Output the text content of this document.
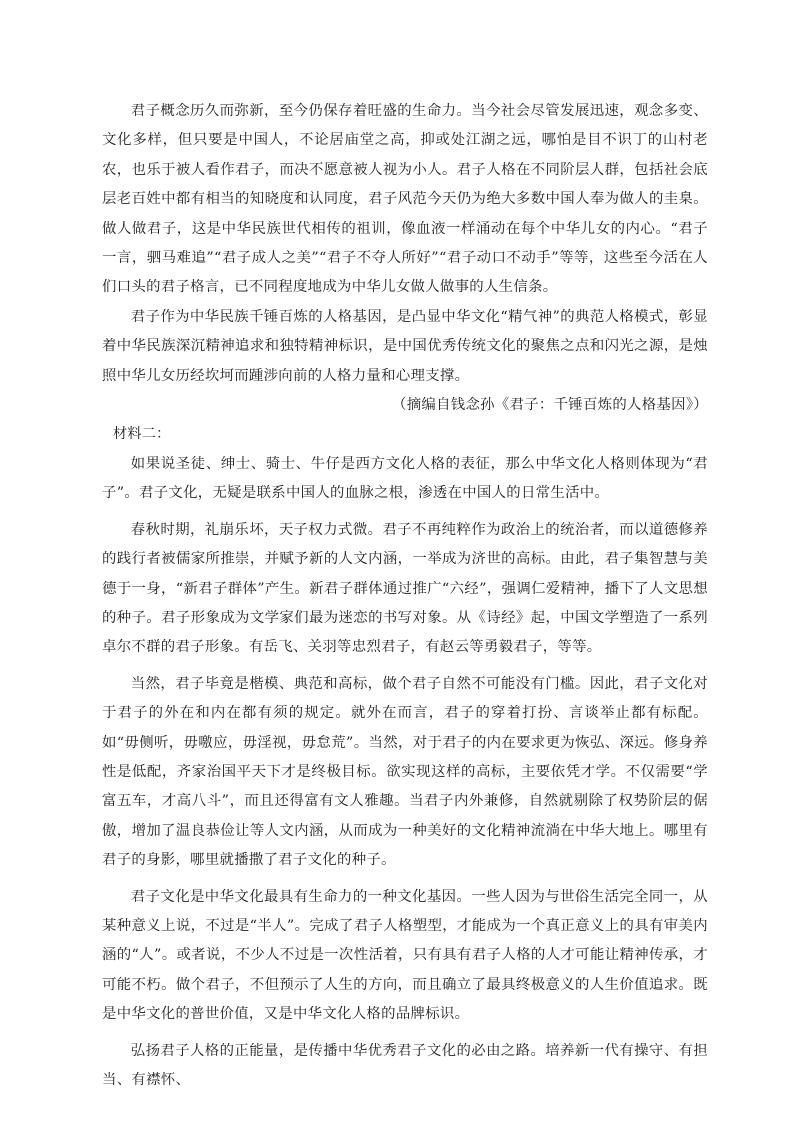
君子概念历久而弥新，至今仍保存着旺盛的生命力。当今社会尽管发展迅速，观念多变、文化多样，但只要是中国人，不论居庙堂之高，抑或处江湖之远，哪怕是目不识丁的山村老农，也乐于被人看作君子，而决不愿意被人视为小人。君子人格在不同阶层人群，包括社会底层老百姓中都有相当的知晓度和认同度，君子风范今天仍为绝大多数中国人奉为做人的圭臬。做人做君子，这是中华民族世代相传的祖训，像血液一样涌动在每个中华儿女的内心。“君子一言，驷马难追”“君子成人之美”“君子不夺人所好”“君子动口不动手”等等，这些至今活在人们口头的君子格言，已不同程度地成为中华儿女做人做事的人生信条。

君子作为中华民族千锤百炼的人格基因，是凸显中华文化“精气神”的典范人格模式，彰显着中华民族深沉精神追求和独特精神标识，是中国优秀传统文化的聚焦之点和闪光之源，是烛照中华儿女历经坎坷而踵涉向前的人格力量和心理支撑。

（摘编自钱念孙《君子：千锤百炼的人格基因》）

材料二：

如果说圣徒、绅士、骑士、牛仔是西方文化人格的表征，那么中华文化人格则体现为“君子”。君子文化，无疑是联系中国人的血脉之根，渗透在中国人的日常生活中。

春秋时期，礼崩乐坏，天子权力式微。君子不再纯粹作为政治上的统治者，而以道德修养的践行者被儒家所推崇，并赋予新的人文内涵，一举成为济世的高标。由此，君子集智慧与美德于一身，“新君子群体”产生。新君子群体通过推广“六经”，强调仁爱精神，播下了人文思想的种子。君子形象成为文学家们最为迷恋的书写对象。从《诗经》起，中国文学塑造了一系列卓尔不群的君子形象。有岳飞、关羽等忠烈君子，有赵云等勇毅君子，等等。

当然，君子毕竟是楷模、典范和高标，做个君子自然不可能没有门槛。因此，君子文化对于君子的外在和内在都有须的规定。就外在而言，君子的穿着打扮、言谈举止都有标配。如“毋侧听，毋噭应，毋淫视，毋怠荒”。当然，对于君子的内在要求更为恢弘、深远。修身养性是低配，齐家治国平天下才是终极目标。欲实现这样的高标，主要依凭才学。不仅需要“学富五车，才高八斗”，而且还得富有文人雅趣。当君子内外兼修，自然就剔除了权势阶层的倨傲，增加了温良恭俭让等人文内涵，从而成为一种美好的文化精神流淌在中华大地上。哪里有君子的身影，哪里就播撒了君子文化的种子。

君子文化是中华文化最具有生命力的一种文化基因。一些人因为与世俗生活完全同一，从某种意义上说，不过是“半人”。完成了君子人格塑型，才能成为一个真正意义上的具有审美内涵的“人”。或者说，不少人不过是一次性活着，只有具有君子人格的人才可能让精神传承，才可能不朽。做个君子，不但预示了人生的方向，而且确立了最具终极意义的人生价值追求。既是中华文化的普世价值，又是中华文化人格的品牌标识。

弘扬君子人格的正能量，是传播中华优秀君子文化的必由之路。培养新一代有操守、有担当、有襟怀、
